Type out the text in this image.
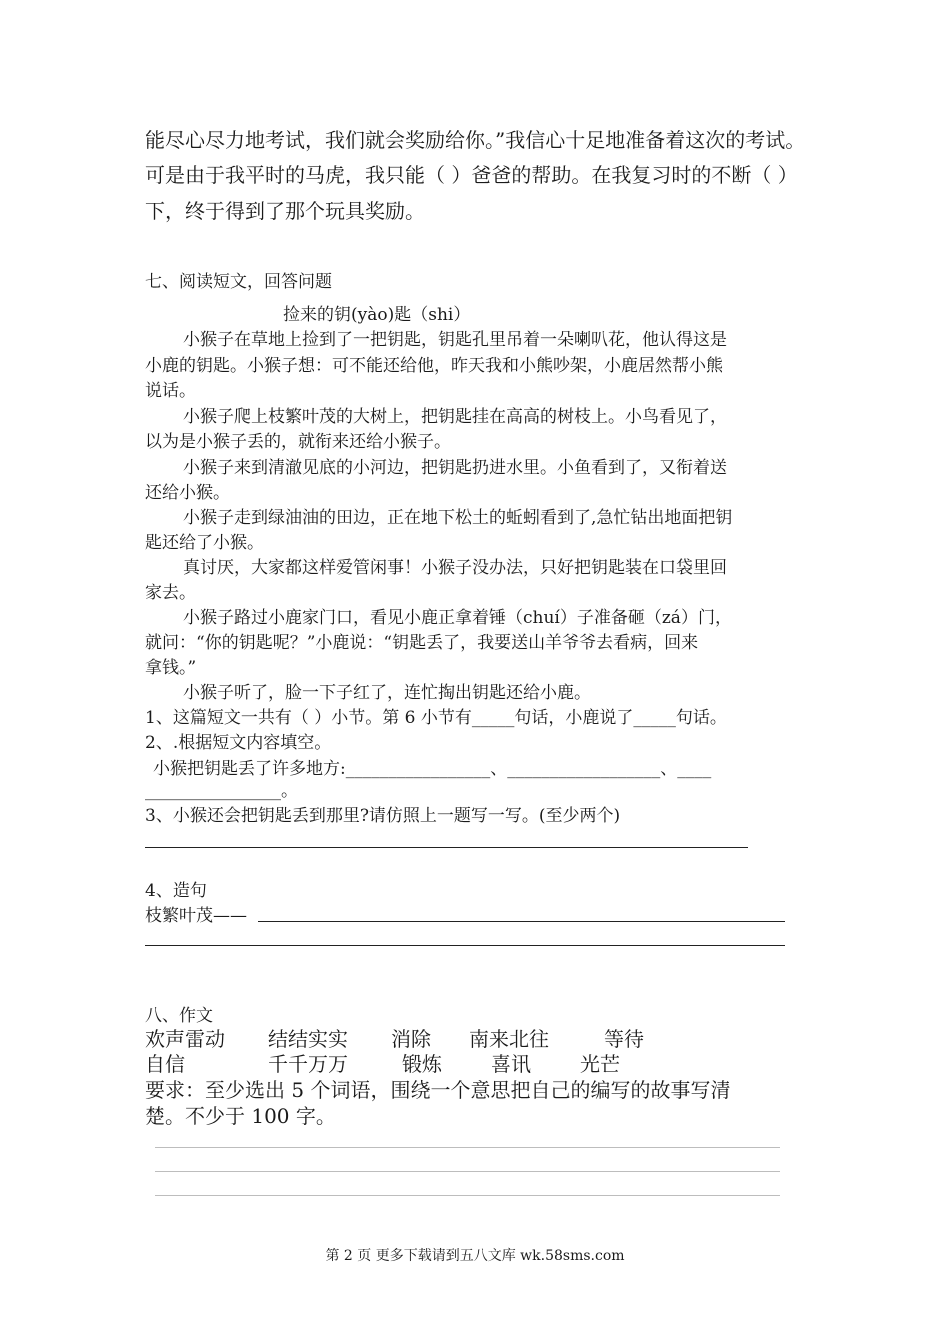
能尽心尽力地考试，我们就会奖励给你。”我信心十足地准备着这次的考试。
可是由于我平时的马虎，我只能（ ）爸爸的帮助。在我复习时的不断（ ）
下，终于得到了那个玩具奖励。
七、阅读短文，回答问题
捡来的钥(yào)匙（shi）
小猴子在草地上捡到了一把钥匙，钥匙孔里吊着一朵喇叭花，他认得这是
小鹿的钥匙。小猴子想：可不能还给他，昨天我和小熊吵架，小鹿居然帮小熊
说话。
小猴子爬上枝繁叶茂的大树上，把钥匙挂在高高的树枝上。小鸟看见了，
以为是小猴子丢的，就衔来还给小猴子。
小猴子来到清澈见底的小河边，把钥匙扔进水里。小鱼看到了，又衔着送
还给小猴。
小猴子走到绿油油的田边，正在地下松土的蚯蚓看到了,急忙钻出地面把钥
匙还给了小猴。
真讨厌，大家都这样爱管闲事！小猴子没办法，只好把钥匙装在口袋里回
家去。
小猴子路过小鹿家门口，看见小鹿正拿着锤（chuí）子准备砸（zá）门，
就问：“你的钥匙呢？”小鹿说：“钥匙丢了，我要送山羊爷爷去看病，回来
拿钱。”
小猴子听了，脸一下子红了，连忙掏出钥匙还给小鹿。
1、这篇短文一共有（ ）小节。第 6 小节有_____句话，小鹿说了_____句话。
2、.根据短文内容填空。
小猴把钥匙丢了许多地方:_________________、__________________、____
________________。
3、小猴还会把钥匙丢到那里?请仿照上一题写一写。(至少两个)
4、造句
枝繁叶茂——
八、作文
欢声雷动 结结实实 消除 南来北往	等待
自信	千千万万	锻炼 喜讯 光芒
要求：至少选出 5 个词语，围绕一个意思把自己的编写的故事写清
楚。不少于 100 字。
第 2 页 更多下载请到五八文库 wk.58sms.com
